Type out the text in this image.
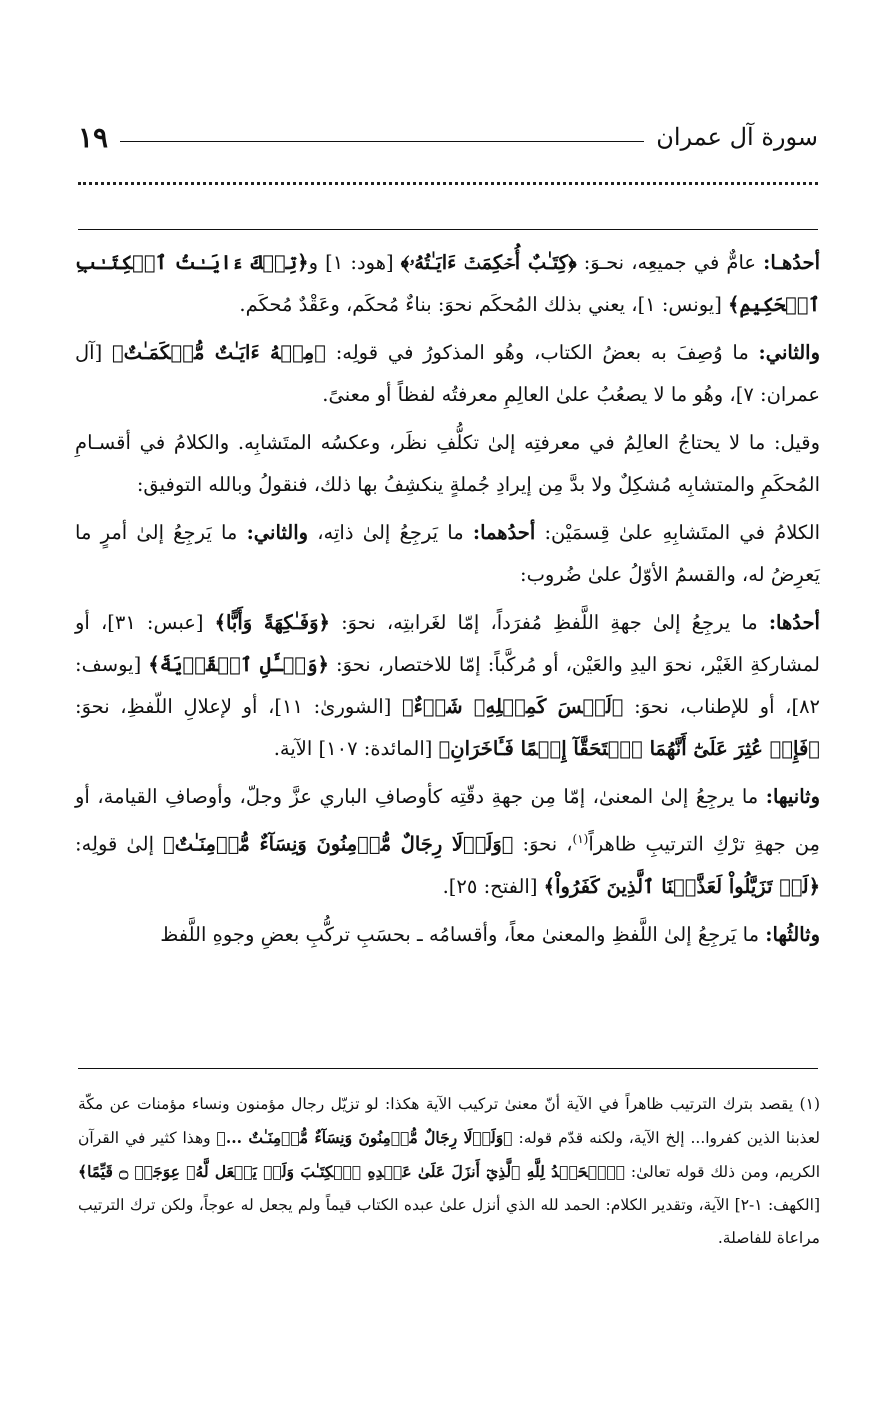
سورة آل عمران
١٩

أحدُهـا: عامٌّ في جميعِه، نحـوَ: ﴿كِتَـٰبٌ أُحۡكِمَتۡ ءَايَـٰتُهُۥ﴾ [هود: ١] و﴿تِلۡكَ ءَايَـٰتُ ٱلۡكِتَـٰبِ ٱلۡحَكِيمِ﴾ [يونس: ١]، يعني بذلك المُحكَم نحوَ: بناءٌ مُحكَم، وعَقْدٌ مُحكَم.

والثاني: ما وُصِفَ به بعضُ الكتاب، وهُو المذكورُ في قولِه: ﴿مِنۡهُ ءَايَـٰتٌ مُّحۡكَمَـٰتٌ﴾ [آل عمران: ٧]، وهُو ما لا يصعُبُ علىٰ العالِمِ معرفتُه لفظاً أو معنىً.

وقيل: ما لا يحتاجُ العالِمُ في معرفتِه إلىٰ تكلُّفِ نظَر، وعكسُه المتَشابِه. والكلامُ في أقسـامِ المُحكَمِ والمتشابِه مُشكِلٌ ولا بدَّ مِن إيرادِ جُملةٍ ينكشِفُ بها ذلك، فنقولُ وبالله التوفيق:

الكلامُ في المتَشابِهِ علىٰ قِسمَيْن: أحدُهما: ما يَرجِعُ إلىٰ ذاتِه، والثاني: ما يَرجِعُ إلىٰ أمرٍ ما يَعرِضُ له، والقسمُ الأوّلُ علىٰ ضُروب:

أحدُها: ما يرجِعُ إلىٰ جهةِ اللَّفظِ مُفرَداً، إمّا لغَرابتِه، نحوَ: ﴿وَفَـٰكِهَةً وَأَبًّا﴾ [عبس: ٣١]، أو لمشاركةِ الغَيْر، نحوَ اليدِ والعَيْن، أو مُركَّباً: إمّا للاختصار، نحوَ: ﴿وَسۡـَٔلِ ٱلۡقَرۡيَةَ﴾ [يوسف: ٨٢]، أو للإطناب، نحوَ: ﴿لَيۡسَ كَمِثۡلِهِۦ شَيۡءٌ﴾ [الشورىٰ: ١١]، أو لإعلالِ اللّفظِ، نحوَ: ﴿فَإِنۡ عُثِرَ عَلَىٰٓ أَنَّهُمَا ٱسۡتَحَقَّآ إِثۡمًا فَـَٔاخَرَانِ﴾ [المائدة: ١٠٧] الآية.

وثانيها: ما يرجِعُ إلىٰ المعنىٰ، إمّا مِن جهةِ دقّتِه كأوصافِ الباري عزَّ وجلّ، وأوصافِ القيامة، أو مِن جهةِ ترْكِ الترتيبِ ظاهراً$^{(١)}$، نحوَ: ﴿وَلَوۡلَا رِجَالٌ مُّؤۡمِنُونَ وَنِسَآءٌ مُّؤۡمِنَـٰتٌ﴾ إلىٰ قولِه: ﴿لَوۡ تَزَيَّلُواْ لَعَذَّبۡنَا ٱلَّذِينَ كَفَرُواْ﴾ [الفتح: ٢٥].

وثالثُها: ما يَرجِعُ إلىٰ اللَّفظِ والمعنىٰ معاً، وأقسامُه ـ بحسَبِ تركُّبِ بعضِ وجوهِ اللَّفظ

(١) يقصد بترك الترتيب ظاهراً في الآية أنّ معنىٰ تركيب الآية هكذا: لو تزيّل رجال مؤمنون ونساء مؤمنات عن مكّة لعذبنا الذين كفروا... إلخ الآية، ولكنه قدّم قوله: ﴿وَلَوۡلَا رِجَالٌ مُّؤۡمِنُونَ وَنِسَآءٌ مُّؤۡمِنَـٰتٌ ...﴾ وهذا كثير في القرآن الكريم، ومن ذلك قوله تعالىٰ: ﴿ٱلۡحَمۡدُ لِلَّهِ ٱلَّذِيٓ أَنزَلَ عَلَىٰ عَبۡدِهِ ٱلۡكِتَـٰبَ وَلَمۡ يَجۡعَل لَّهُۥ عِوَجَاۜ ۝ قَيِّمًا﴾ [الكهف: ١-٢] الآية، وتقدير الكلام: الحمد لله الذي أنزل علىٰ عبده الكتاب قيماً ولم يجعل له عوجاً، ولكن ترك الترتيب مراعاة للفاصلة.
